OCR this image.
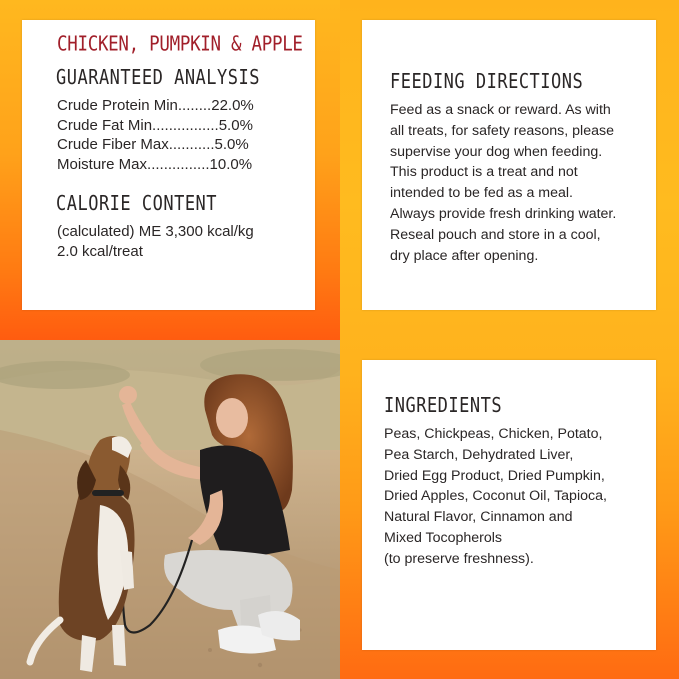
CHICKEN, PUMPKIN & APPLE
GUARANTEED ANALYSIS
Crude Protein Min........22.0%
Crude Fat Min................5.0%
Crude Fiber Max...........5.0%
Moisture Max...............10.0%
CALORIE CONTENT
(calculated) ME 3,300 kcal/kg
2.0 kcal/treat
FEEDING DIRECTIONS
Feed as a snack or reward. As with
all treats, for safety reasons, please
supervise your dog when feeding.
This product is a treat and not
intended to be fed as a meal.
Always provide fresh drinking water.
Reseal pouch and store in a cool,
dry place after opening.
INGREDIENTS
Peas, Chickpeas, Chicken, Potato,
Pea Starch, Dehydrated Liver,
Dried Egg Product, Dried Pumpkin,
Dried Apples, Coconut Oil, Tapioca,
Natural Flavor, Cinnamon and
Mixed Tocopherols
(to preserve freshness).
